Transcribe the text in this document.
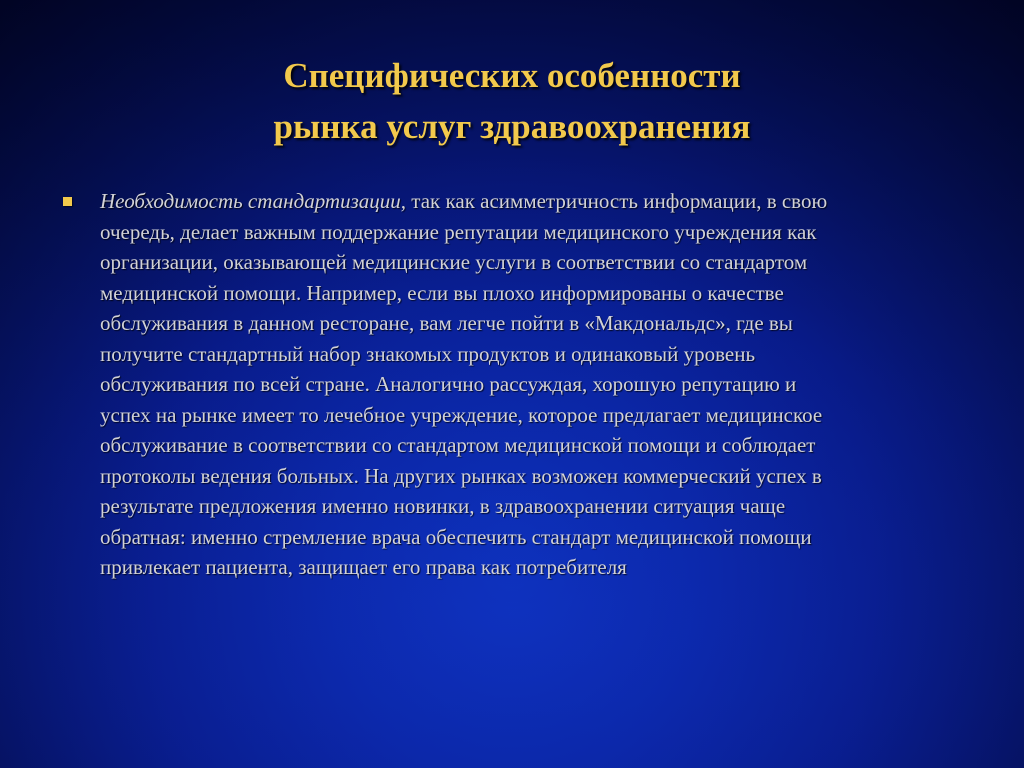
Специфических особенности
рынка услуг здравоохранения
Необходимость стандартизации, так как асимметричность информации, в свою
очередь, делает важным поддержание репутации медицинского учреждения как
организации, оказывающей медицинские услуги в соответствии со стандартом
медицинской помощи. Например, если вы плохо информированы о качестве
обслуживания в данном ресторане, вам легче пойти в «Макдональдс», где вы
получите стандартный набор знакомых продуктов и одинаковый уровень
обслуживания по всей стране. Аналогично рассуждая, хорошую репутацию и
успех на рынке имеет то лечебное учреждение, которое предлагает медицинское
обслуживание в соответствии со стандартом медицинской помощи и соблюдает
протоколы ведения больных. На других рынках возможен коммерческий успех в
результате предложения именно новинки, в здравоохранении ситуация чаще
обратная: именно стремление врача обеспечить стандарт медицинской помощи
привлекает пациента, защищает его права как потребителя
